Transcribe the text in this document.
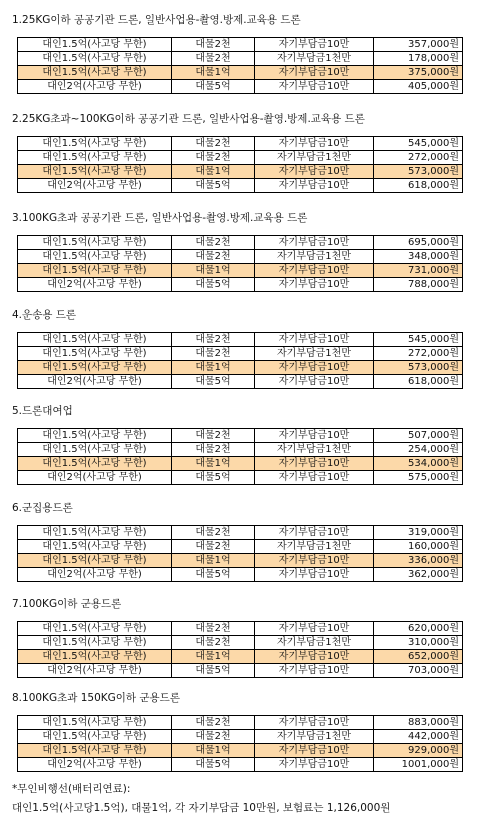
1.25KG이하 공공기관 드론, 일반사업용-촬영.방제.교육용 드론
대인1.5억(사고당 무한)	대물2천	자기부담금10만	357,000원
대인1.5억(사고당 무한)	대물2천	자기부담금1천만	178,000원
대인1.5억(사고당 무한)	대물1억	자기부담금10만	375,000원
대인2억(사고당 무한)	대물5억	자기부담금10만	405,000원
2.25KG초과~100KG이하 공공기관 드론, 일반사업용-촬영.방제.교육용 드론
대인1.5억(사고당 무한)	대물2천	자기부담금10만	545,000원
대인1.5억(사고당 무한)	대물2천	자기부담금1천만	272,000원
대인1.5억(사고당 무한)	대물1억	자기부담금10만	573,000원
대인2억(사고당 무한)	대물5억	자기부담금10만	618,000원
3.100KG초과 공공기관 드론, 일반사업용-촬영.방제.교육용 드론
대인1.5억(사고당 무한)	대물2천	자기부담금10만	695,000원
대인1.5억(사고당 무한)	대물2천	자기부담금1천만	348,000원
대인1.5억(사고당 무한)	대물1억	자기부담금10만	731,000원
대인2억(사고당 무한)	대물5억	자기부담금10만	788,000원
4.운송용 드론
대인1.5억(사고당 무한)	대물2천	자기부담금10만	545,000원
대인1.5억(사고당 무한)	대물2천	자기부담금1천만	272,000원
대인1.5억(사고당 무한)	대물1억	자기부담금10만	573,000원
대인2억(사고당 무한)	대물5억	자기부담금10만	618,000원
5.드론대여업
대인1.5억(사고당 무한)	대물2천	자기부담금10만	507,000원
대인1.5억(사고당 무한)	대물2천	자기부담금1천만	254,000원
대인1.5억(사고당 무한)	대물1억	자기부담금10만	534,000원
대인2억(사고당 무한)	대물5억	자기부담금10만	575,000원
6.군집용드론
대인1.5억(사고당 무한)	대물2천	자기부담금10만	319,000원
대인1.5억(사고당 무한)	대물2천	자기부담금1천만	160,000원
대인1.5억(사고당 무한)	대물1억	자기부담금10만	336,000원
대인2억(사고당 무한)	대물5억	자기부담금10만	362,000원
7.100KG이하 군용드론
대인1.5억(사고당 무한)	대물2천	자기부담금10만	620,000원
대인1.5억(사고당 무한)	대물2천	자기부담금1천만	310,000원
대인1.5억(사고당 무한)	대물1억	자기부담금10만	652,000원
대인2억(사고당 무한)	대물5억	자기부담금10만	703,000원
8.100KG초과 150KG이하 군용드론
대인1.5억(사고당 무한)	대물2천	자기부담금10만	883,000원
대인1.5억(사고당 무한)	대물2천	자기부담금1천만	442,000원
대인1.5억(사고당 무한)	대물1억	자기부담금10만	929,000원
대인2억(사고당 무한)	대물5억	자기부담금10만	1001,000원
*무인비행선(배터리연료):
대인1.5억(사고당1.5억), 대물1억, 각 자기부담금 10만원, 보험료는 1,126,000원
